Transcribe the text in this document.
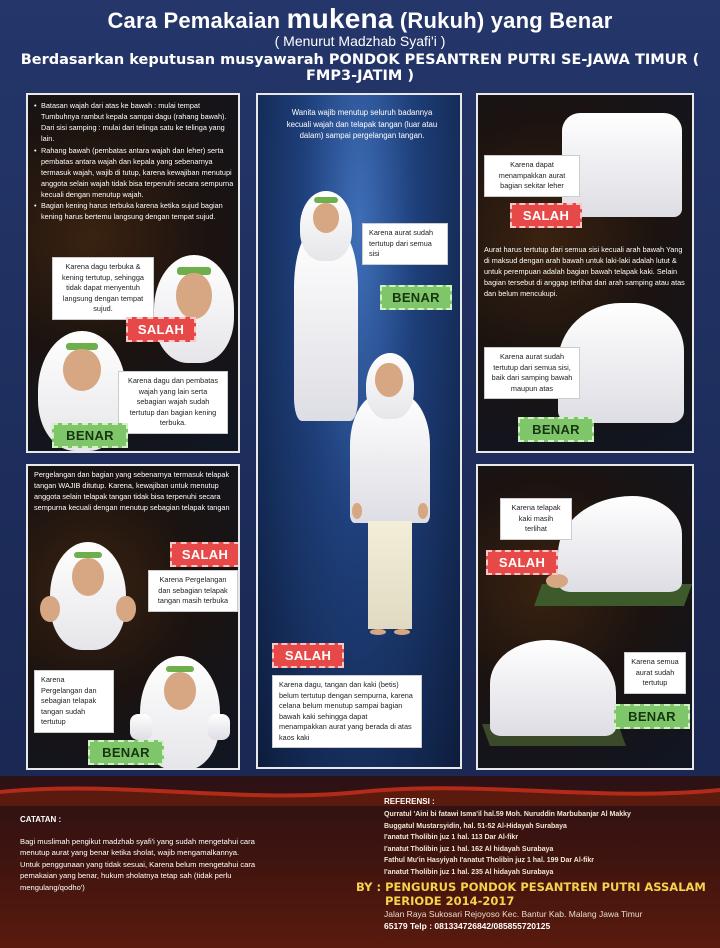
Cara Pemakaian mukena (Rukuh) yang Benar
( Menurut Madzhab Syafi'i )
Berdasarkan keputusan musyawarah PONDOK PESANTREN PUTRI SE-JAWA TIMUR ( FMP3-JATIM )
• Batasan wajah dari atas ke bawah : mulai tempat Tumbuhnya rambut kepala sampai dagu (rahang bawah). Dari sisi samping : mulai dari telinga satu ke telinga yang lain.
• Rahang bawah (pembatas antara wajah dan leher) serta pembatas antara wajah dan kepala yang sebenarnya termasuk wajah, wajib di tutup, karena kewajiban menutupi anggota selain wajah tidak bisa terpenuhi secara sempurna kecuali dengan menutup wajah.
• Bagian kening harus terbuka karena ketika sujud bagian kening harus bertemu langsung dengan tempat sujud.
Karena dagu terbuka & kening tertutup, sehingga tidak dapat menyentuh langsung dengan tempat sujud.
SALAH
Karena dagu dan pembatas wajah yang lain serta sebagian wajah sudah tertutup dan bagian kening terbuka.
BENAR
Wanita wajib menutup seluruh badannya kecuali wajah dan telapak tangan (luar atau dalam) sampai pergelangan tangan.
Karena aurat sudah tertutup dari semua sisi
BENAR
SALAH
Karena dagu, tangan dan kaki (betis) belum tertutup dengan sempurna, karena celana belum menutup sampai bagian bawah kaki sehingga dapat menampakkan aurat yang berada di atas kaos kaki
Karena dapat menampakkan aurat bagian sekitar leher
SALAH
Aurat harus tertutup dari semua sisi kecuali arah bawah Yang di maksud dengan arah bawah untuk laki-laki adalah lutut & untuk perempuan adalah bagian bawah telapak kaki. Selain bagian tersebut di anggap terlihat dari arah samping atau atas dan belum mencukupi.
Karena aurat sudah tertutup dari semua sisi, baik dari samping bawah maupun atas
BENAR
Pergelangan dan bagian yang sebenarnya termasuk telapak tangan WAJIB ditutup. Karena, kewajiban untuk menutup anggota selain telapak tangan tidak bisa terpenuhi secara sempurna kecuali dengan menutup sebagian telapak tangan
SALAH
Karena Pergelangan dan sebagian telapak tangan masih terbuka
Karena Pergelangan dan sebagian telapak tangan sudah tertutup
BENAR
Karena telapak kaki masih terlihat
SALAH
Karena semua aurat sudah tertutup
BENAR
CATATAN :
Bagi muslimah pengikut madzhab syafi'i yang sudah mengetahui cara menutup aurat yang benar ketika sholat, wajib mengamalkannya. Untuk penggunaan yang tidak sesuai, Karena belum mengetahui cara pemakaian yang benar, hukum sholatnya tetap sah (tidak perlu mengulang/qodho')
REFERENSI :
Qurratul 'Aini bi fatawi Isma'il hal.59 Moh. Nuruddin Marbubanjar Al Makky
Buggatul Mustarsyidin, hal. 51-52 Al-Hidayah Surabaya
I'anatut Tholibin juz 1 hal. 113 Dar Al-fikr
I'anatut Tholibin juz 1 hal. 162 Al hidayah Surabaya
Fathul Mu'in Hasyiyah I'anatut Tholibin juz 1 hal. 199 Dar Al-fikr
I'anatut Tholibin juz 1 hal. 235 Al hidayah Surabaya
BY : PENGURUS PONDOK PESANTREN PUTRI ASSALAM
PERIODE 2014-2017
Jalan Raya Sukosari Rejoyoso Kec. Bantur Kab. Malang Jawa Timur
65179 Telp : 081334726842/085855720125
